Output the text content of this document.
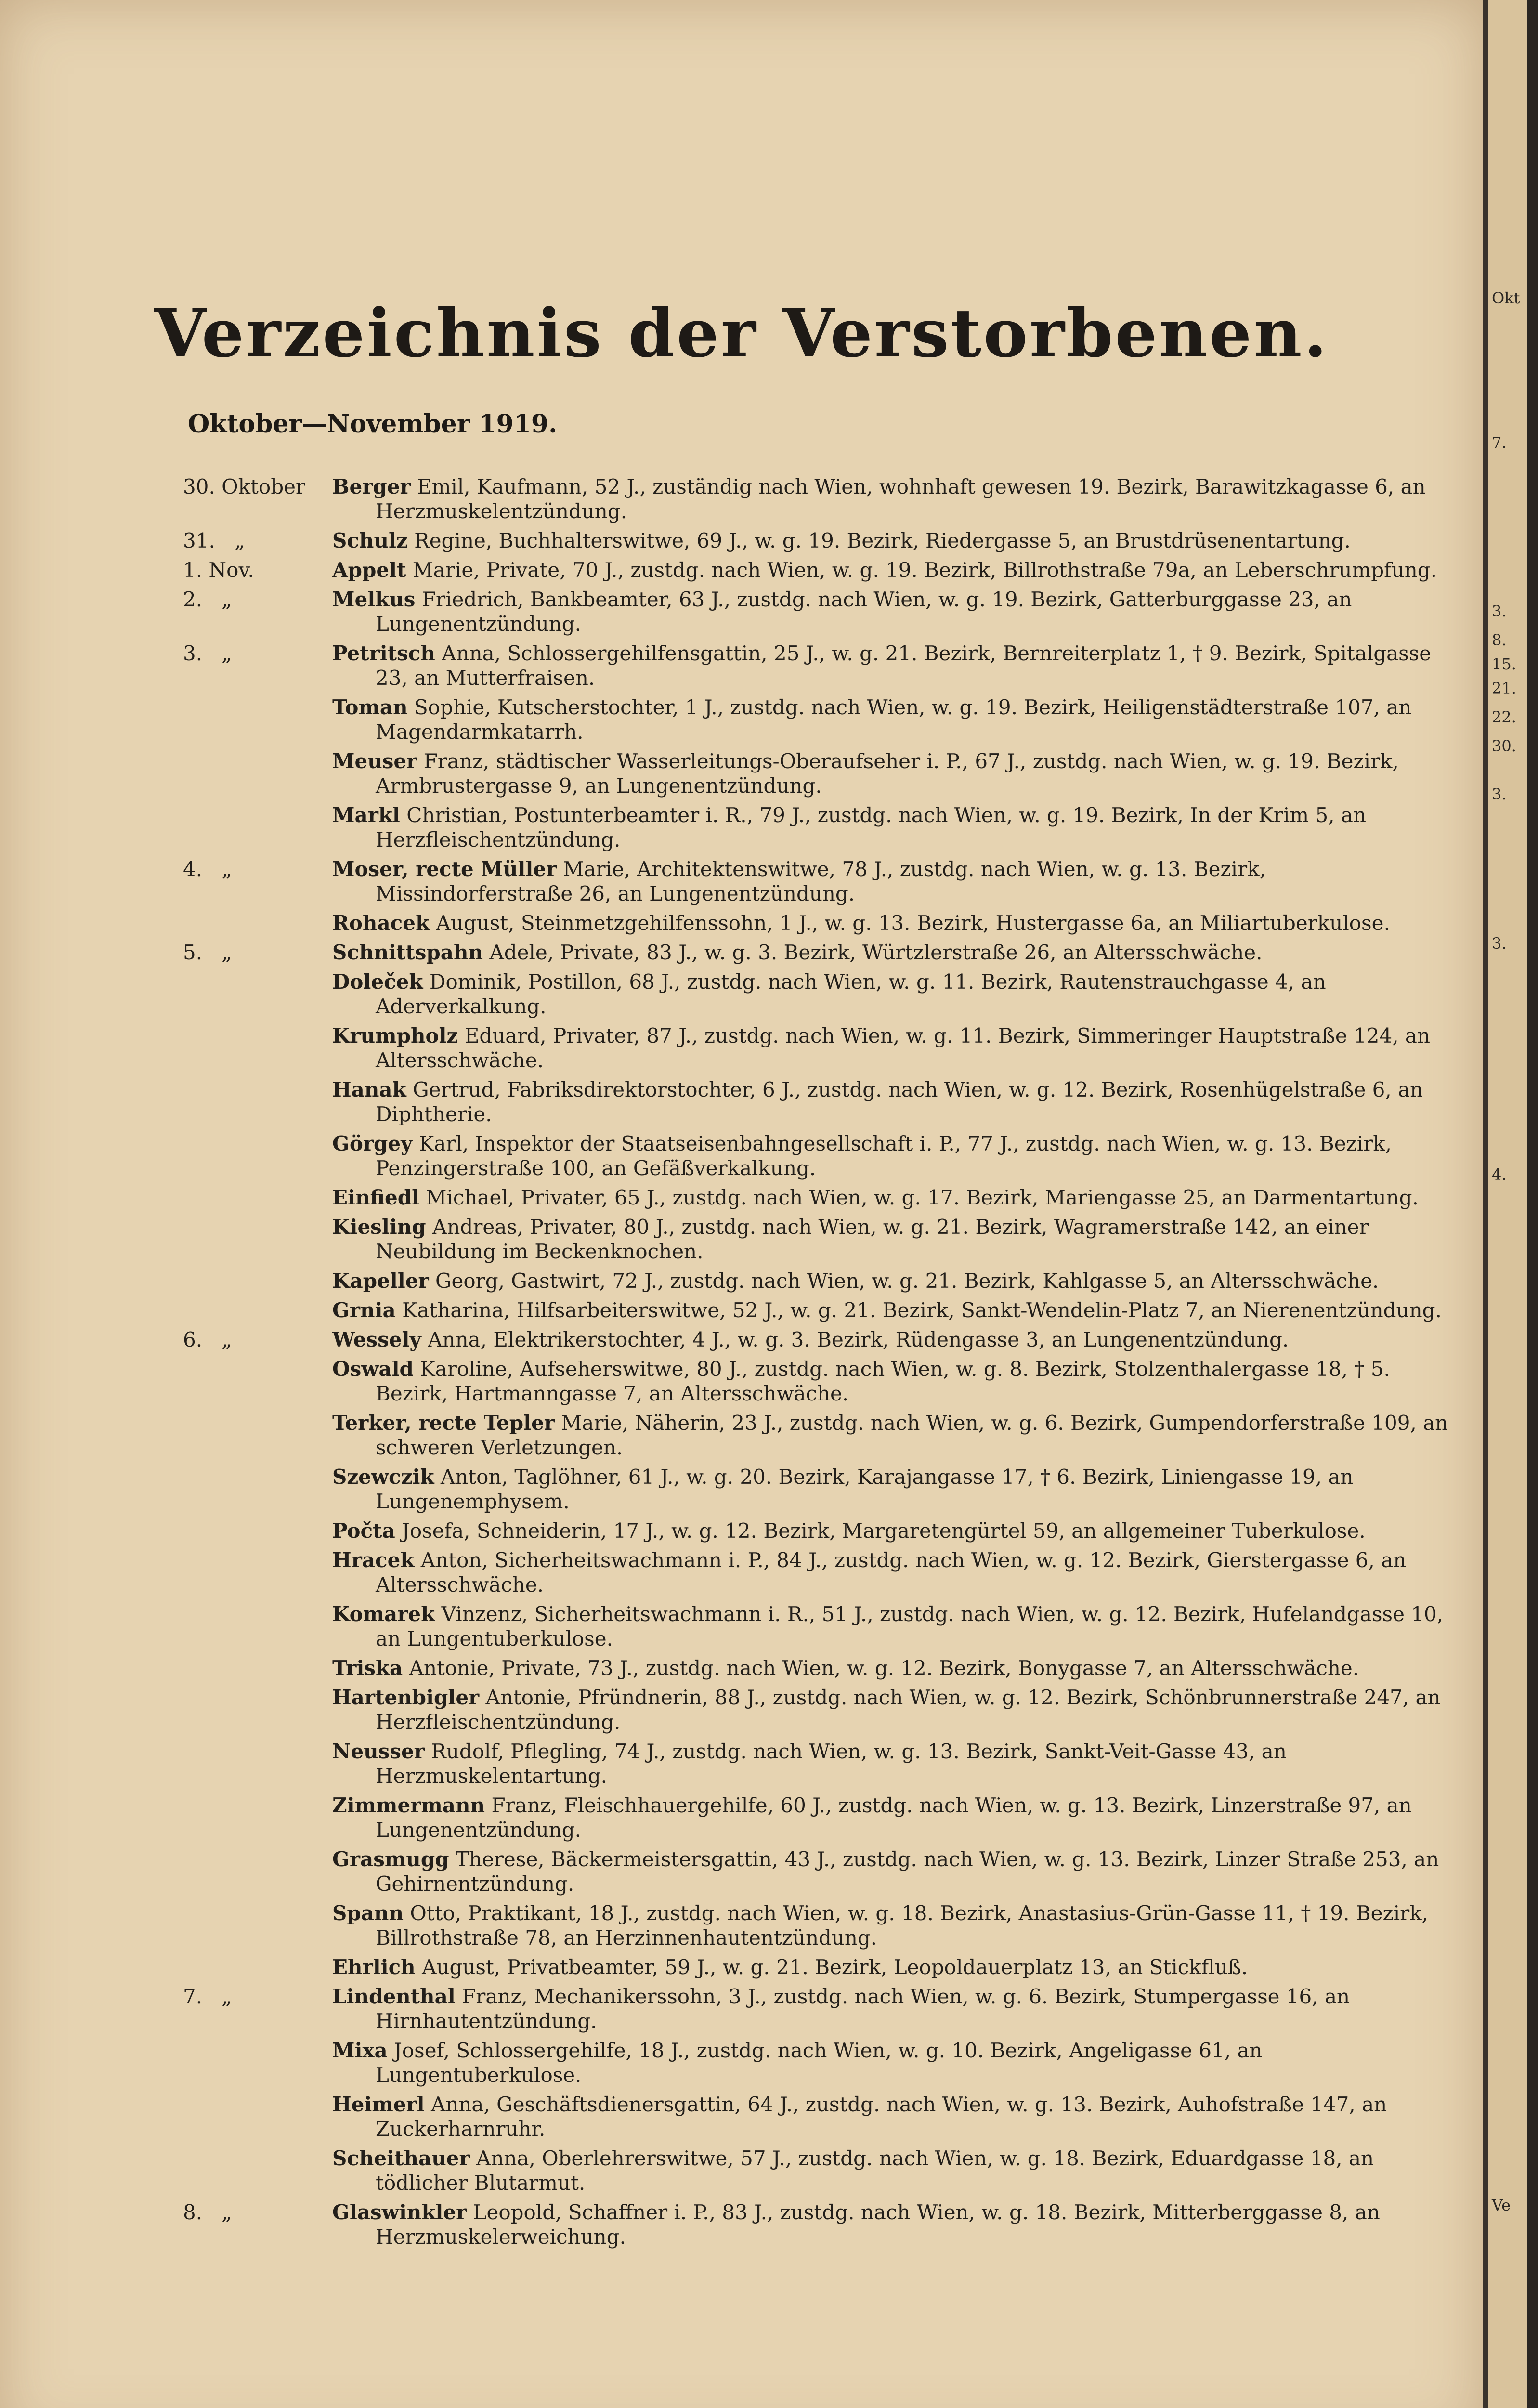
Verzeichnis der Verstorbenen.
Oktober—November 1919.
30. Oktober	Berger Emil, Kaufmann, 52 J., zuständig nach Wien, wohnhaft gewesen 19. Bezirk, Barawitzkagasse 6, an Herzmuskelentzündung.
31.   „	Schulz Regine, Buchhalterswitwe, 69 J., w. g. 19. Bezirk, Riedergasse 5, an Brustdrüsenentartung.
1. Nov.	Appelt Marie, Private, 70 J., zustdg. nach Wien, w. g. 19. Bezirk, Billrothstraße 79a, an Leberschrumpfung.
2.   „	Melkus Friedrich, Bankbeamter, 63 J., zustdg. nach Wien, w. g. 19. Bezirk, Gatterburggasse 23, an Lungenentzündung.
3.   „	Petritsch Anna, Schlossergehilfensgattin, 25 J., w. g. 21. Bezirk, Bernreiterplatz 1, † 9. Bezirk, Spitalgasse 23, an Mutterfraisen.
Toman Sophie, Kutscherstochter, 1 J., zustdg. nach Wien, w. g. 19. Bezirk, Heiligenstädterstraße 107, an Magendarmkatarrh.
Meuser Franz, städtischer Wasserleitungs-Oberaufseher i. P., 67 J., zustdg. nach Wien, w. g. 19. Bezirk, Armbrustergasse 9, an Lungenentzündung.
Markl Christian, Postunterbeamter i. R., 79 J., zustdg. nach Wien, w. g. 19. Bezirk, In der Krim 5, an Herzfleischentzündung.
4.   „	Moser, recte Müller Marie, Architektenswitwe, 78 J., zustdg. nach Wien, w. g. 13. Bezirk, Missindorferstraße 26, an Lungenentzündung.
Rohacek August, Steinmetzgehilfenssohn, 1 J., w. g. 13. Bezirk, Hustergasse 6a, an Miliartuberkulose.
5.   „	Schnittspahn Adele, Private, 83 J., w. g. 3. Bezirk, Würtzlerstraße 26, an Altersschwäche.
Doleček Dominik, Postillon, 68 J., zustdg. nach Wien, w. g. 11. Bezirk, Rautenstrauchgasse 4, an Aderverkalkung.
Krumpholz Eduard, Privater, 87 J., zustdg. nach Wien, w. g. 11. Bezirk, Simmeringer Hauptstraße 124, an Altersschwäche.
Hanak Gertrud, Fabriksdirektorstochter, 6 J., zustdg. nach Wien, w. g. 12. Bezirk, Rosenhügelstraße 6, an Diphtherie.
Görgey Karl, Inspektor der Staatseisenbahngesellschaft i. P., 77 J., zustdg. nach Wien, w. g. 13. Bezirk, Penzingerstraße 100, an Gefäßverkalkung.
Einfiedl Michael, Privater, 65 J., zustdg. nach Wien, w. g. 17. Bezirk, Mariengasse 25, an Darmentartung.
Kiesling Andreas, Privater, 80 J., zustdg. nach Wien, w. g. 21. Bezirk, Wagramerstraße 142, an einer Neubildung im Beckenknochen.
Kapeller Georg, Gastwirt, 72 J., zustdg. nach Wien, w. g. 21. Bezirk, Kahlgasse 5, an Altersschwäche.
Grnia Katharina, Hilfsarbeiterswitwe, 52 J., w. g. 21. Bezirk, Sankt-Wendelin-Platz 7, an Nierenentzündung.
6.   „	Wessely Anna, Elektrikerstochter, 4 J., w. g. 3. Bezirk, Rüdengasse 3, an Lungenentzündung.
Oswald Karoline, Aufseherswitwe, 80 J., zustdg. nach Wien, w. g. 8. Bezirk, Stolzenthalergasse 18, † 5. Bezirk, Hartmanngasse 7, an Altersschwäche.
Terker, recte Tepler Marie, Näherin, 23 J., zustdg. nach Wien, w. g. 6. Bezirk, Gumpendorferstraße 109, an schweren Verletzungen.
Szewczik Anton, Taglöhner, 61 J., w. g. 20. Bezirk, Karajangasse 17, † 6. Bezirk, Liniengasse 19, an Lungenemphysem.
Počta Josefa, Schneiderin, 17 J., w. g. 12. Bezirk, Margaretengürtel 59, an allgemeiner Tuberkulose.
Hracek Anton, Sicherheitswachmann i. P., 84 J., zustdg. nach Wien, w. g. 12. Bezirk, Gierstergasse 6, an Altersschwäche.
Komarek Vinzenz, Sicherheitswachmann i. R., 51 J., zustdg. nach Wien, w. g. 12. Bezirk, Hufelandgasse 10, an Lungentuberkulose.
Triska Antonie, Private, 73 J., zustdg. nach Wien, w. g. 12. Bezirk, Bonygasse 7, an Altersschwäche.
Hartenbigler Antonie, Pfründnerin, 88 J., zustdg. nach Wien, w. g. 12. Bezirk, Schönbrunnerstraße 247, an Herzfleischentzündung.
Neusser Rudolf, Pflegling, 74 J., zustdg. nach Wien, w. g. 13. Bezirk, Sankt-Veit-Gasse 43, an Herzmuskelentartung.
Zimmermann Franz, Fleischhauergehilfe, 60 J., zustdg. nach Wien, w. g. 13. Bezirk, Linzerstraße 97, an Lungenentzündung.
Grasmugg Therese, Bäckermeistersgattin, 43 J., zustdg. nach Wien, w. g. 13. Bezirk, Linzer Straße 253, an Gehirnentzündung.
Spann Otto, Praktikant, 18 J., zustdg. nach Wien, w. g. 18. Bezirk, Anastasius-Grün-Gasse 11, † 19. Bezirk, Billrothstraße 78, an Herzinnenhautentzündung.
Ehrlich August, Privatbeamter, 59 J., w. g. 21. Bezirk, Leopoldauerplatz 13, an Stickfluß.
7.   „	Lindenthal Franz, Mechanikerssohn, 3 J., zustdg. nach Wien, w. g. 6. Bezirk, Stumpergasse 16, an Hirnhautentzündung.
Mixa Josef, Schlossergehilfe, 18 J., zustdg. nach Wien, w. g. 10. Bezirk, Angeligasse 61, an Lungentuberkulose.
Heimerl Anna, Geschäftsdienersgattin, 64 J., zustdg. nach Wien, w. g. 13. Bezirk, Auhofstraße 147, an Zuckerharnruhr.
Scheithauer Anna, Oberlehrerswitwe, 57 J., zustdg. nach Wien, w. g. 18. Bezirk, Eduardgasse 18, an tödlicher Blutarmut.
8.   „	Glaswinkler Leopold, Schaffner i. P., 83 J., zustdg. nach Wien, w. g. 18. Bezirk, Mitterberggasse 8, an Herzmuskelerweichung.
Okt
7.
3.
8.
15.
21.
22.
30.
3.
3.
4.
Ve
